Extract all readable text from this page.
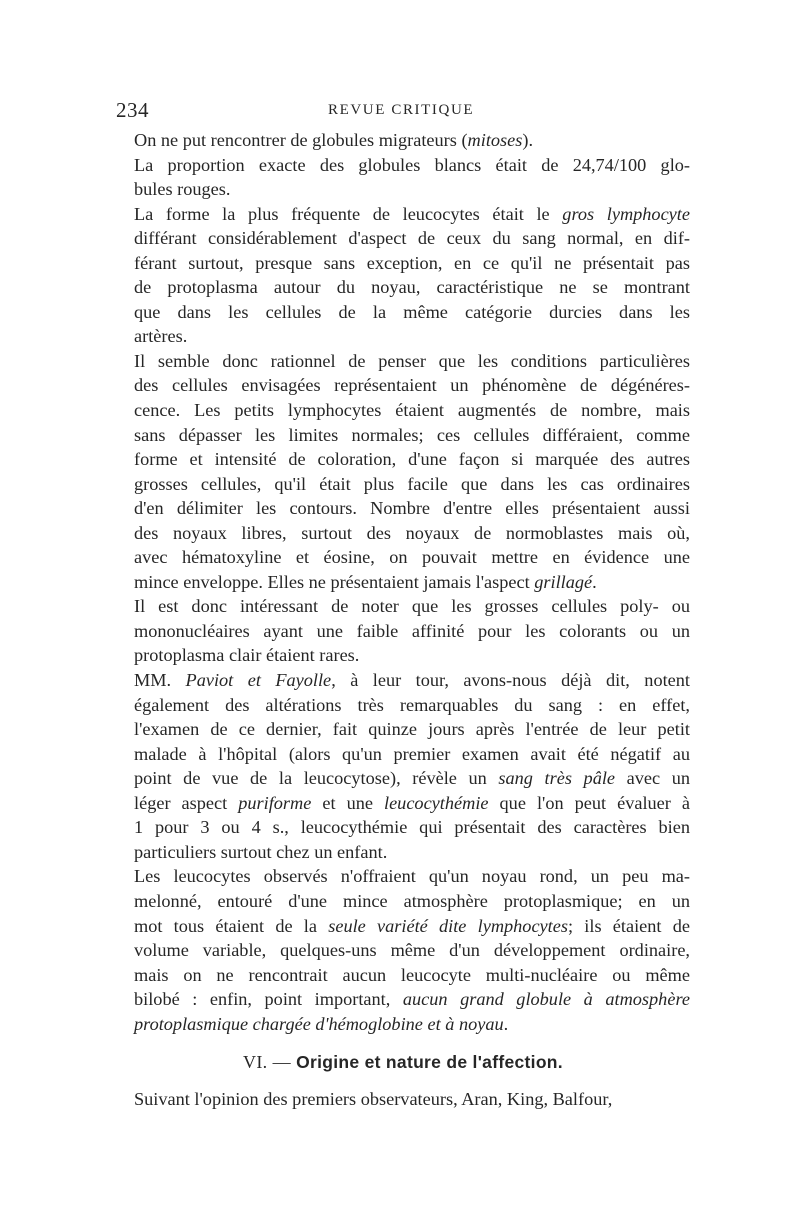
234	REVUE CRITIQUE

On ne put rencontrer de globules migrateurs (mitoses).

La proportion exacte des globules blancs était de 24,74/100 glo-
bules rouges.

La forme la plus fréquente de leucocytes était le gros lymphocyte
différant considérablement d'aspect de ceux du sang normal, en dif-
férant surtout, presque sans exception, en ce qu'il ne présentait pas
de protoplasma autour du noyau, caractéristique ne se montrant
que dans les cellules de la même catégorie durcies dans les
artères.

Il semble donc rationnel de penser que les conditions particulières
des cellules envisagées représentaient un phénomène de dégénéres-
cence. Les petits lymphocytes étaient augmentés de nombre, mais
sans dépasser les limites normales; ces cellules différaient, comme
forme et intensité de coloration, d'une façon si marquée des autres
grosses cellules, qu'il était plus facile que dans les cas ordinaires
d'en délimiter les contours. Nombre d'entre elles présentaient aussi
des noyaux libres, surtout des noyaux de normoblastes mais où,
avec hématoxyline et éosine, on pouvait mettre en évidence une
mince enveloppe. Elles ne présentaient jamais l'aspect grillagé.

Il est donc intéressant de noter que les grosses cellules poly- ou
mononucléaires ayant une faible affinité pour les colorants ou un
protoplasma clair étaient rares.

MM. Paviot et Fayolle, à leur tour, avons-nous déjà dit, notent
également des altérations très remarquables du sang : en effet,
l'examen de ce dernier, fait quinze jours après l'entrée de leur petit
malade à l'hôpital (alors qu'un premier examen avait été négatif au
point de vue de la leucocytose), révèle un sang très pâle avec un
léger aspect puriforme et une leucocythémie que l'on peut évaluer à
1 pour 3 ou 4 s., leucocythémie qui présentait des caractères bien
particuliers surtout chez un enfant.

Les leucocytes observés n'offraient qu'un noyau rond, un peu ma-
melonné, entouré d'une mince atmosphère protoplasmique; en un
mot tous étaient de la seule variété dite lymphocytes; ils étaient de
volume variable, quelques-uns même d'un développement ordinaire,
mais on ne rencontrait aucun leucocyte multi-nucléaire ou même
bilobé : enfin, point important, aucun grand globule à atmosphère
protoplasmique chargée d'hémoglobine et à noyau.

VI. — Origine et nature de l'affection.

Suivant l'opinion des premiers observateurs, Aran, King, Balfour,
